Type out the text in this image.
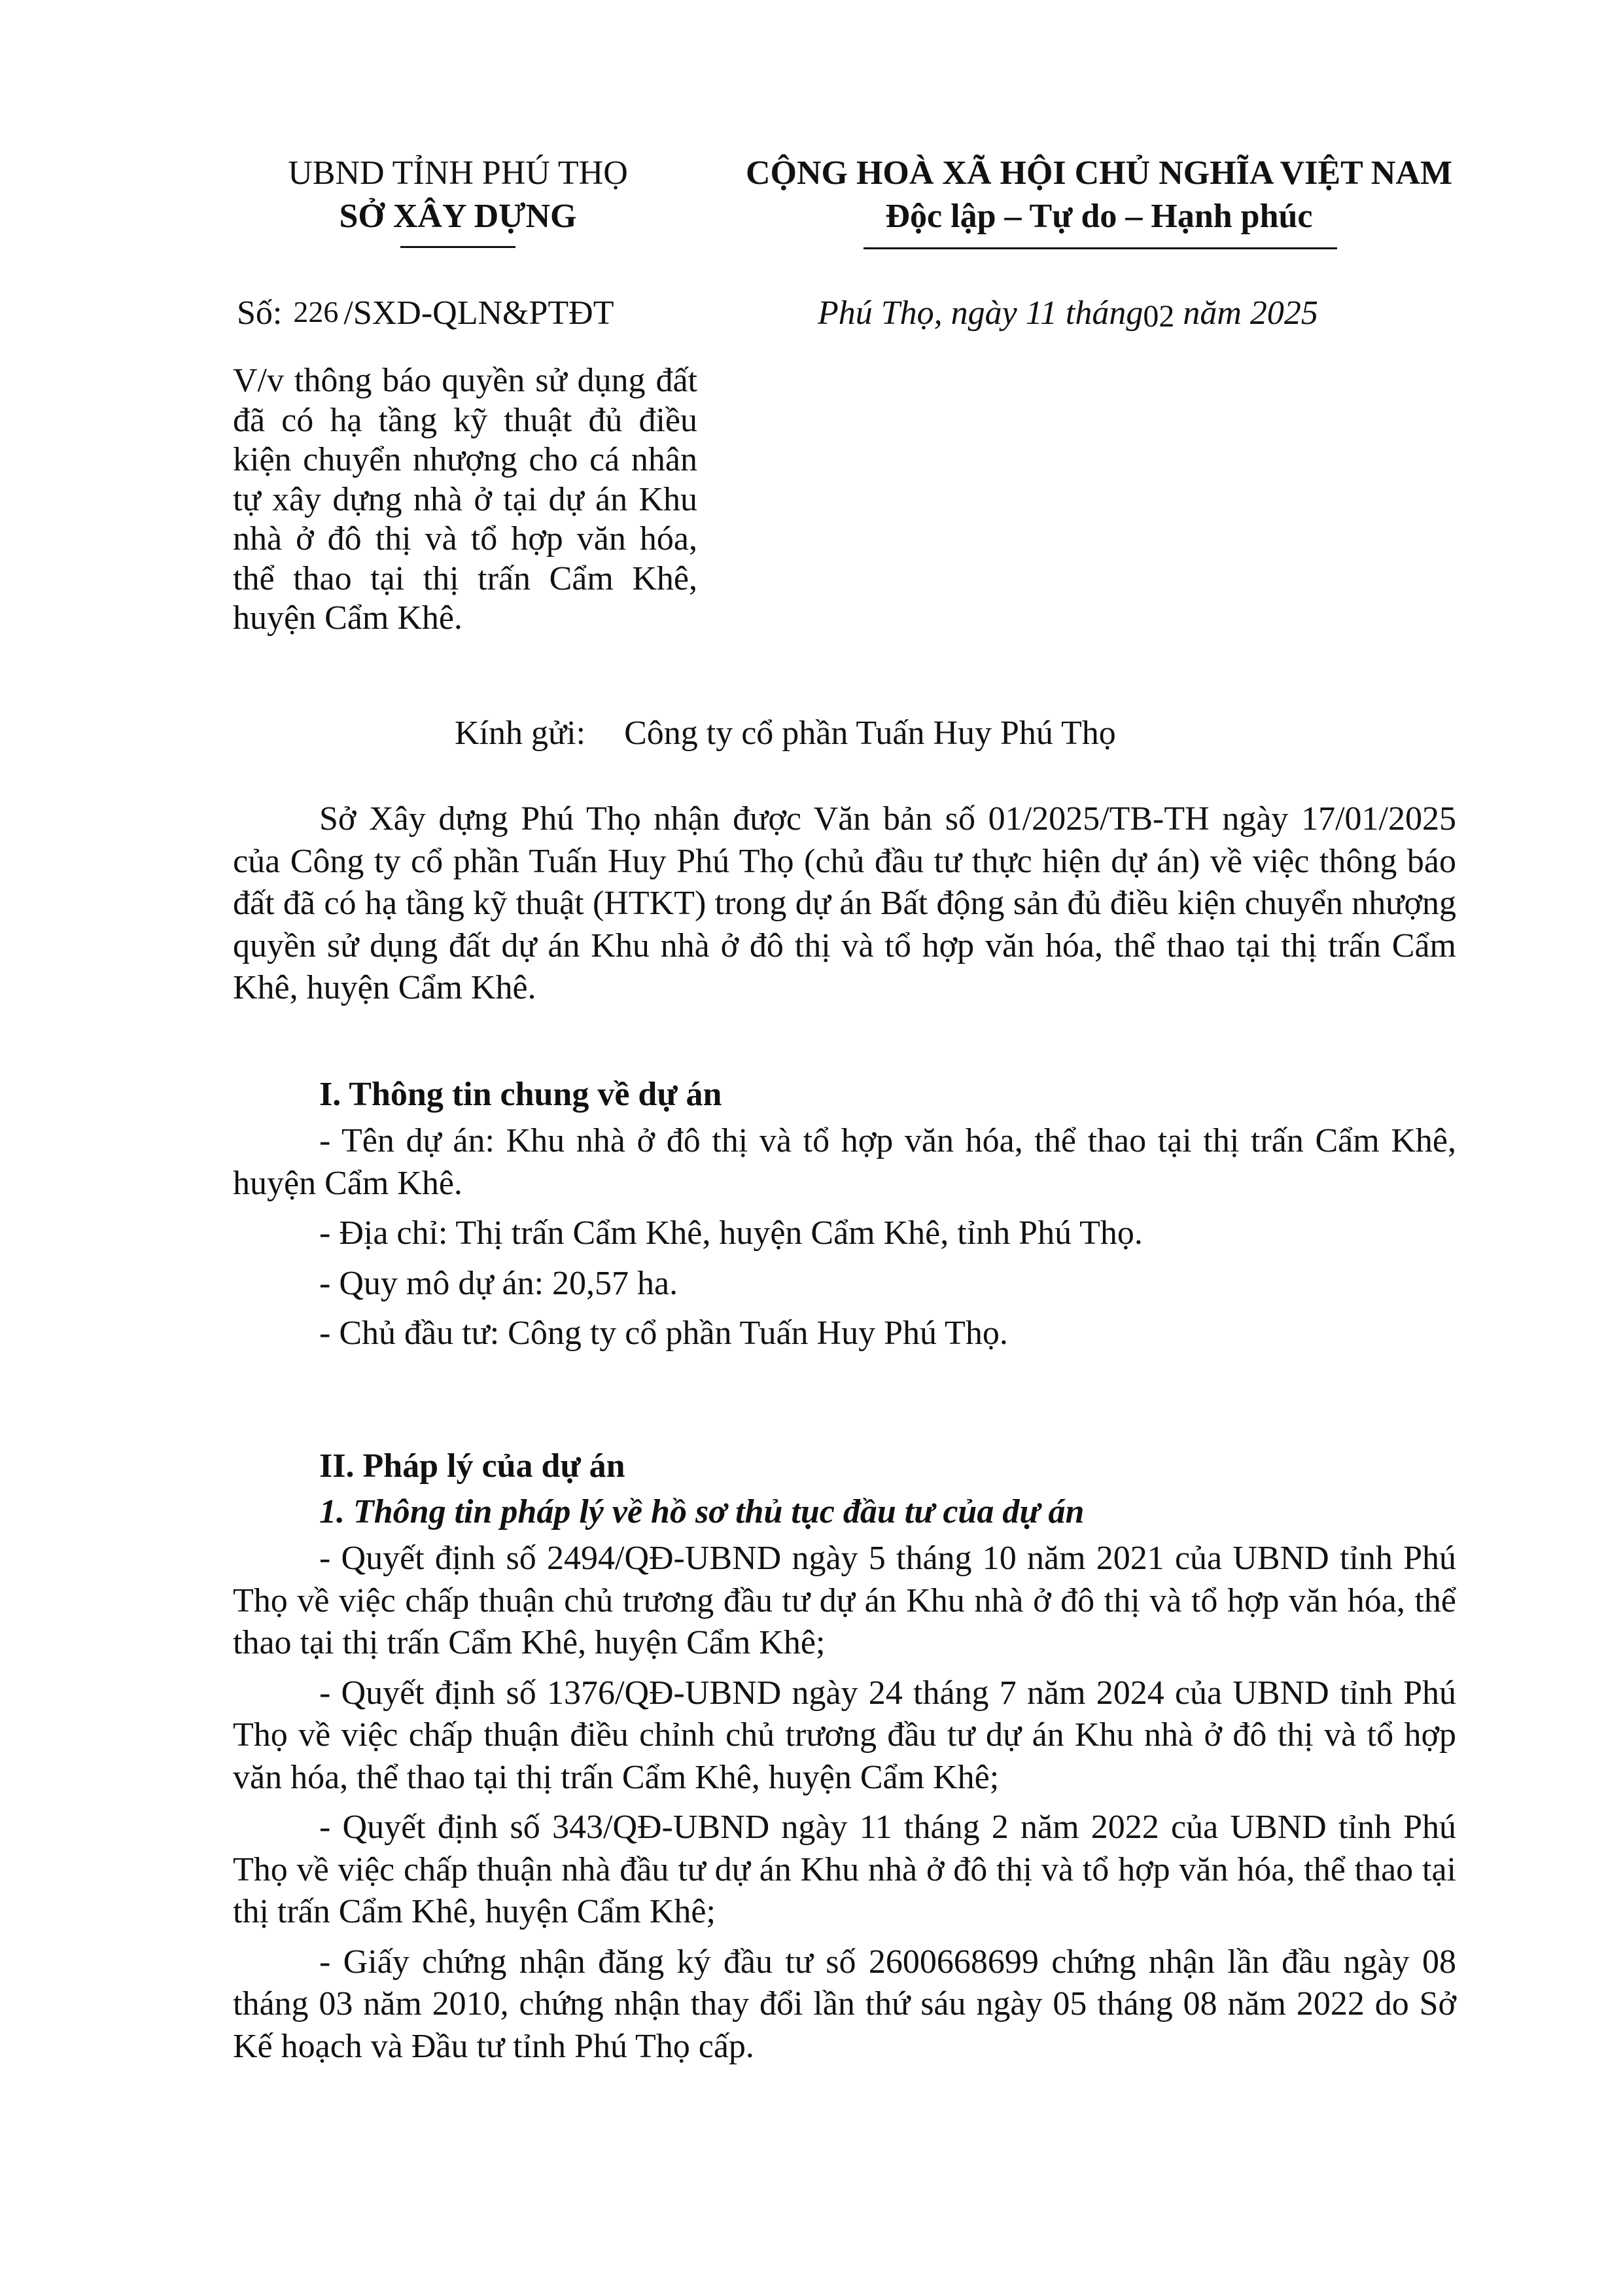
UBND TỈNH PHÚ THỌ
SỞ XÂY DỰNG
CỘNG HOÀ XÃ HỘI CHỦ NGHĨA VIỆT NAM
Độc lập – Tự do – Hạnh phúc
Số: 226 /SXD-QLN&PTĐT	Phú Thọ, ngày 11 tháng02 năm 2025
V/v thông báo quyền sử dụng đất đã có hạ tầng kỹ thuật đủ điều kiện chuyển nhượng cho cá nhân tự xây dựng nhà ở tại dự án Khu nhà ở đô thị và tổ hợp văn hóa, thể thao tại thị trấn Cẩm Khê, huyện Cẩm Khê.
Kính gửi: Công ty cổ phần Tuấn Huy Phú Thọ

Sở Xây dựng Phú Thọ nhận được Văn bản số 01/2025/TB-TH ngày 17/01/2025 của Công ty cổ phần Tuấn Huy Phú Thọ (chủ đầu tư thực hiện dự án) về việc thông báo đất đã có hạ tầng kỹ thuật (HTKT) trong dự án Bất động sản đủ điều kiện chuyển nhượng quyền sử dụng đất dự án Khu nhà ở đô thị và tổ hợp văn hóa, thể thao tại thị trấn Cẩm Khê, huyện Cẩm Khê.

I. Thông tin chung về dự án

- Tên dự án: Khu nhà ở đô thị và tổ hợp văn hóa, thể thao tại thị trấn Cẩm Khê, huyện Cẩm Khê.

- Địa chỉ: Thị trấn Cẩm Khê, huyện Cẩm Khê, tỉnh Phú Thọ.

- Quy mô dự án: 20,57 ha.

- Chủ đầu tư: Công ty cổ phần Tuấn Huy Phú Thọ.

II. Pháp lý của dự án
1. Thông tin pháp lý về hồ sơ thủ tục đầu tư của dự án

- Quyết định số 2494/QĐ-UBND ngày 5 tháng 10 năm 2021 của UBND tỉnh Phú Thọ về việc chấp thuận chủ trương đầu tư dự án Khu nhà ở đô thị và tổ hợp văn hóa, thể thao tại thị trấn Cẩm Khê, huyện Cẩm Khê;

- Quyết định số 1376/QĐ-UBND ngày 24 tháng 7 năm 2024 của UBND tỉnh Phú Thọ về việc chấp thuận điều chỉnh chủ trương đầu tư dự án Khu nhà ở đô thị và tổ hợp văn hóa, thể thao tại thị trấn Cẩm Khê, huyện Cẩm Khê;

- Quyết định số 343/QĐ-UBND ngày 11 tháng 2 năm 2022 của UBND tỉnh Phú Thọ về việc chấp thuận nhà đầu tư dự án Khu nhà ở đô thị và tổ hợp văn hóa, thể thao tại thị trấn Cẩm Khê, huyện Cẩm Khê;

- Giấy chứng nhận đăng ký đầu tư số 2600668699 chứng nhận lần đầu ngày 08 tháng 03 năm 2010, chứng nhận thay đổi lần thứ sáu ngày 05 tháng 08 năm 2022 do Sở Kế hoạch và Đầu tư tỉnh Phú Thọ cấp.
